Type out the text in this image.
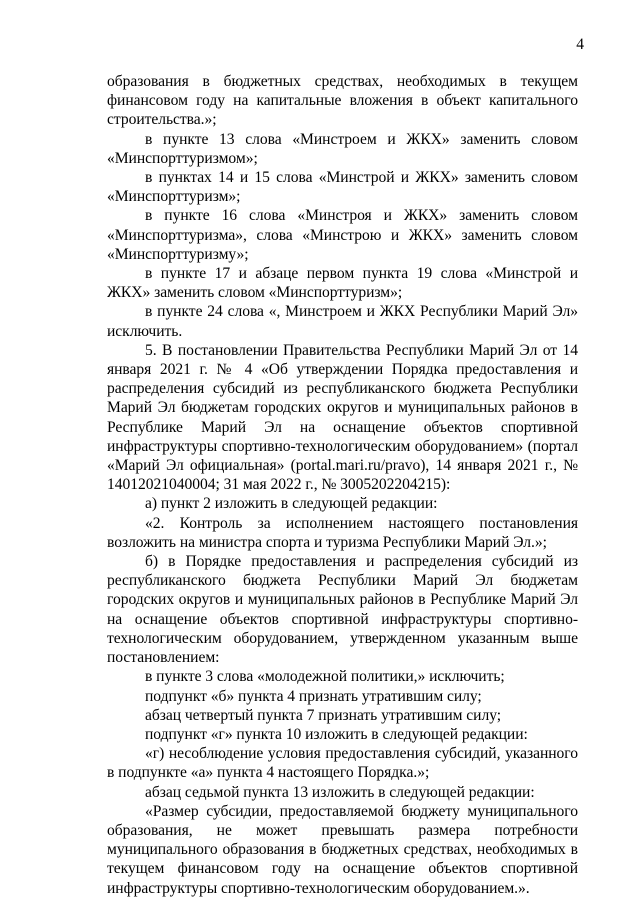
4

образования в бюджетных средствах, необходимых в текущем финансовом году на капитальные вложения в объект капитального строительства.»;

в пункте 13 слова «Минстроем и ЖКХ» заменить словом «Минспорттуризмом»;

в пунктах 14 и 15 слова «Минстрой и ЖКХ» заменить словом «Минспорттуризм»;

в пункте 16 слова «Минстроя и ЖКХ» заменить словом «Минспорттуризма», слова «Минстрою и ЖКХ» заменить словом «Минспорттуризму»;

в пункте 17 и абзаце первом пункта 19 слова «Минстрой и ЖКХ» заменить словом «Минспорттуризм»;

в пункте 24 слова «, Минстроем и ЖКХ Республики Марий Эл» исключить.

5. В постановлении Правительства Республики Марий Эл от 14 января 2021 г. № 4 «Об утверждении Порядка предоставления и распределения субсидий из республиканского бюджета Республики Марий Эл бюджетам городских округов и муниципальных районов в Республике Марий Эл на оснащение объектов спортивной инфраструктуры спортивно-технологическим оборудованием» (портал «Марий Эл официальная» (portal.mari.ru/pravo), 14 января 2021 г., № 14012021040004; 31 мая 2022 г., № 3005202204215):

а) пункт 2 изложить в следующей редакции:

«2. Контроль за исполнением настоящего постановления возложить на министра спорта и туризма Республики Марий Эл.»;

б) в Порядке предоставления и распределения субсидий из республиканского бюджета Республики Марий Эл бюджетам городских округов и муниципальных районов в Республике Марий Эл на оснащение объектов спортивной инфраструктуры спортивно-технологическим оборудованием, утвержденном указанным выше постановлением:

в пункте 3 слова «молодежной политики,» исключить;

подпункт «б» пункта 4 признать утратившим силу;

абзац четвертый пункта 7 признать утратившим силу;

подпункт «г» пункта 10 изложить в следующей редакции:

«г) несоблюдение условия предоставления субсидий, указанного в подпункте «а» пункта 4 настоящего Порядка.»;

абзац седьмой пункта 13 изложить в следующей редакции:

«Размер субсидии, предоставляемой бюджету муниципального образования, не может превышать размера потребности муниципального образования в бюджетных средствах, необходимых в текущем финансовом году на оснащение объектов спортивной инфраструктуры спортивно-технологическим оборудованием.».
